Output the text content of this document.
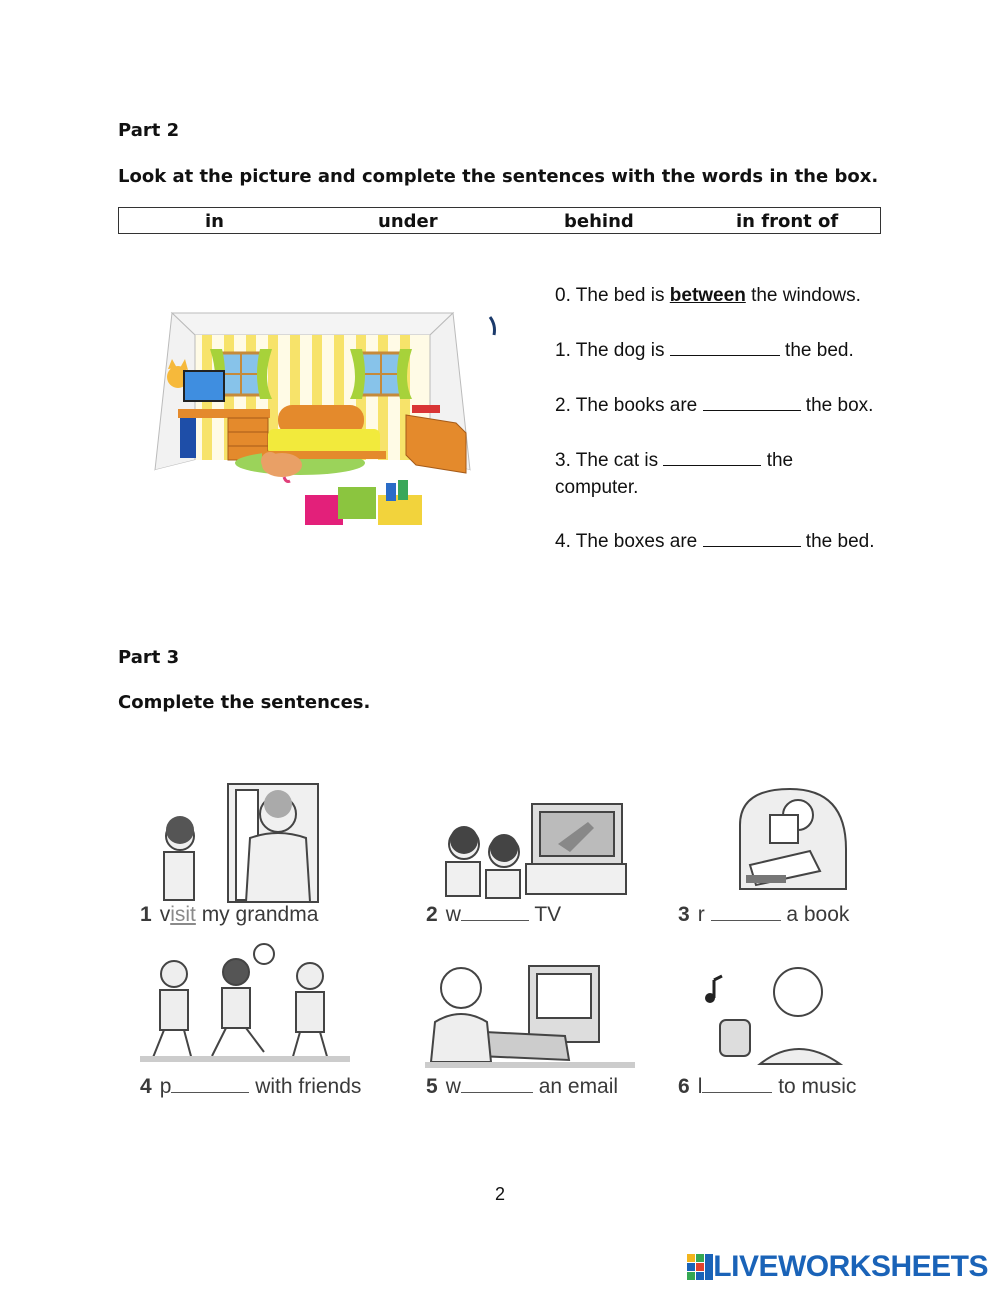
Part 2
Look at the picture and complete the sentences with the words in the box.
in	under	behind	in front of
0. The bed is between the windows.
1. The dog is	the bed.
2. The books are	the box.
3. The cat is	the computer.
4. The boxes are	the bed.
Part 3
Complete the sentences.
1 visit my grandma	2 w	TV	3 r	a book
4 p	with friends	5 w	an email	6 l	to music
2
LIVEWORKSHEETS
